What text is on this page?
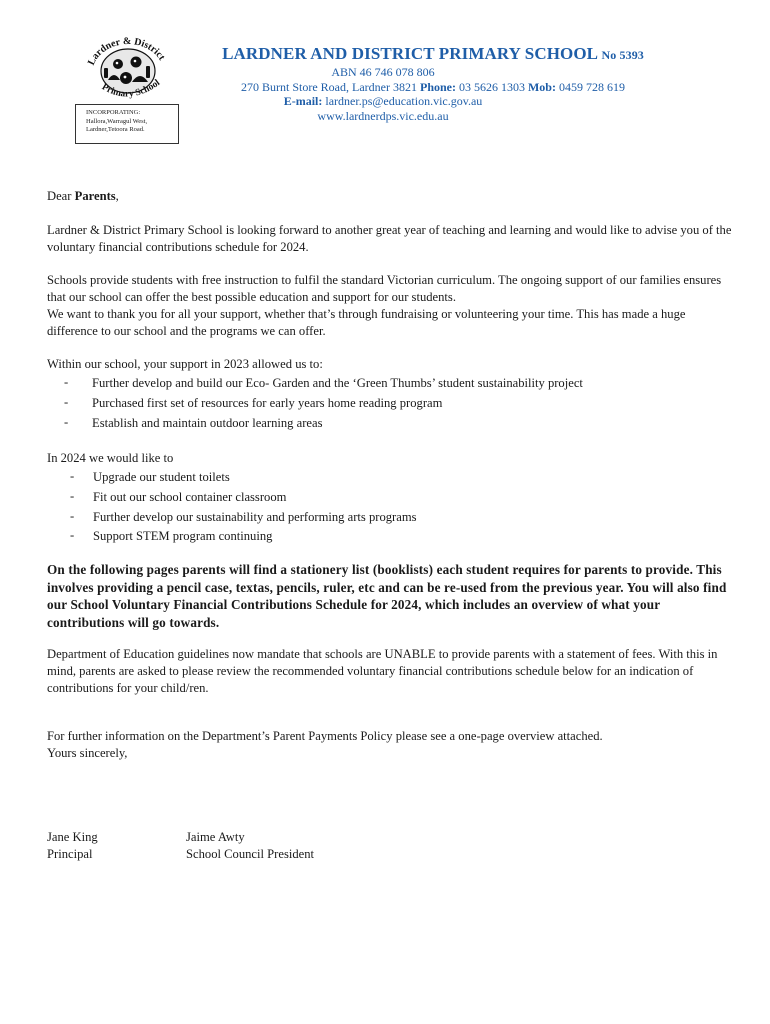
Lardner & District
Primary School
INCORPORATING:
Hallora,Warragul West,
Lardner,Tetoora Road.
LARDNER AND DISTRICT PRIMARY SCHOOL No 5393
ABN 46 746 078 806
270 Burnt Store Road, Lardner 3821 Phone: 03 5626 1303 Mob: 0459 728 619
E-mail: lardner.ps@education.vic.gov.au
www.lardnerdps.vic.edu.au
Dear Parents,
Lardner & District Primary School is looking forward to another great year of teaching and learning and would like to advise you of the voluntary financial contributions schedule for 2024.
Schools provide students with free instruction to fulfil the standard Victorian curriculum. The ongoing support of our families ensures that our school can offer the best possible education and support for our students.
We want to thank you for all your support, whether that’s through fundraising or volunteering your time. This has made a huge difference to our school and the programs we can offer.
Within our school, your support in 2023 allowed us to:
- Further develop and build our Eco- Garden and the ‘Green Thumbs’ student sustainability project
- Purchased first set of resources for early years home reading program
- Establish and maintain outdoor learning areas
In 2024 we would like to
- Upgrade our student toilets
- Fit out our school container classroom
- Further develop our sustainability and performing arts programs
- Support STEM program continuing
On the following pages parents will find a stationery list (booklists) each student requires for parents to provide. This involves providing a pencil case, textas, pencils, ruler, etc and can be re-used from the previous year. You will also find our School Voluntary Financial Contributions Schedule for 2024, which includes an overview of what your contributions will go towards.
Department of Education guidelines now mandate that schools are UNABLE to provide parents with a statement of fees. With this in mind, parents are asked to please review the recommended voluntary financial contributions schedule below for an indication of contributions for your child/ren.
For further information on the Department’s Parent Payments Policy please see a one-page overview attached.
Yours sincerely,
Jane King
Principal
Jaime Awty
School Council President
